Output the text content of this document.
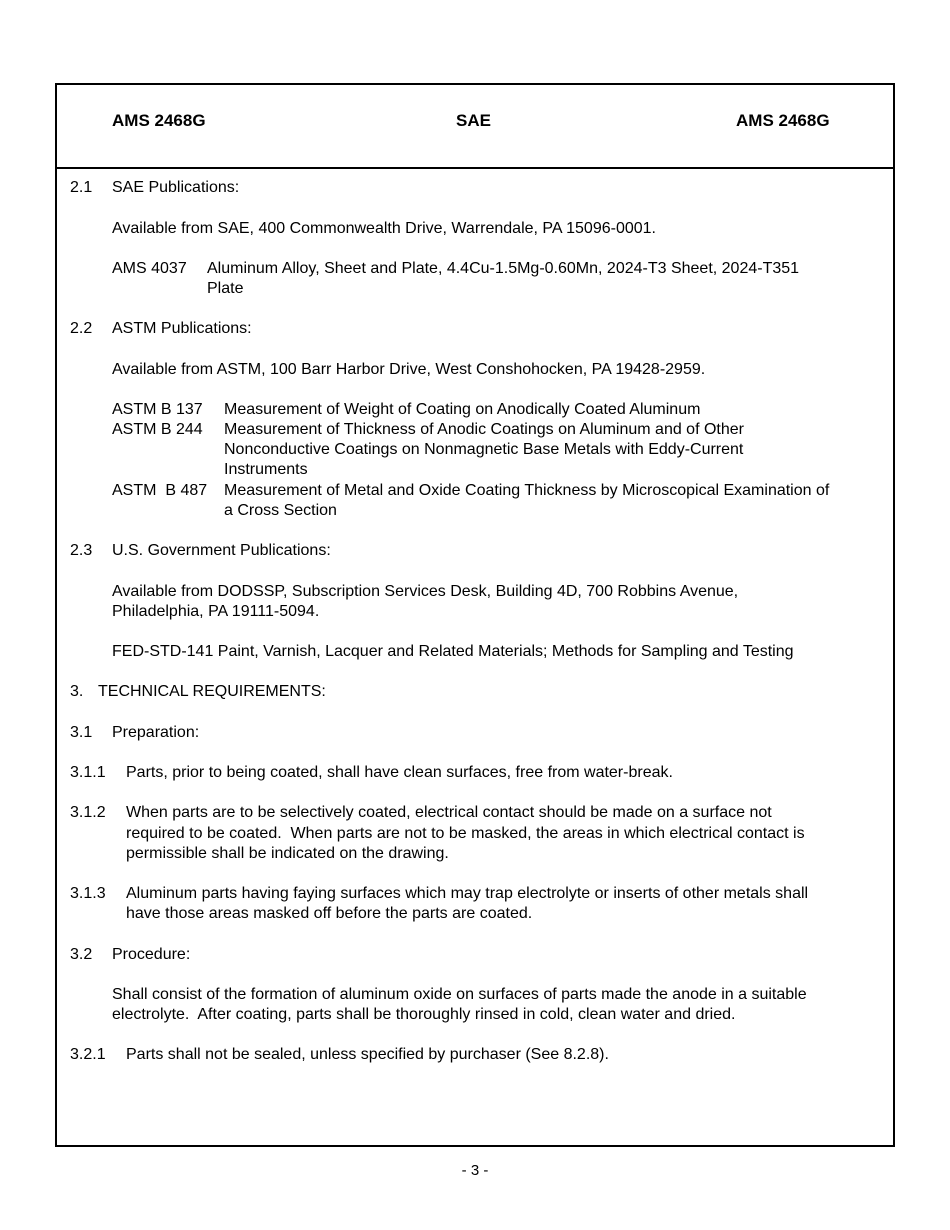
AMS 2468G	SAE	AMS 2468G
2.1 SAE Publications:
Available from SAE, 400 Commonwealth Drive, Warrendale, PA 15096-0001.
AMS 4037 Aluminum Alloy, Sheet and Plate, 4.4Cu-1.5Mg-0.60Mn, 2024-T3 Sheet, 2024-T351
Plate
2.2 ASTM Publications:
Available from ASTM, 100 Barr Harbor Drive, West Conshohocken, PA 19428-2959.
ASTM B 137 Measurement of Weight of Coating on Anodically Coated Aluminum
ASTM B 244 Measurement of Thickness of Anodic Coatings on Aluminum and of Other
Nonconductive Coatings on Nonmagnetic Base Metals with Eddy-Current
Instruments
ASTM  B 487 Measurement of Metal and Oxide Coating Thickness by Microscopical Examination of
a Cross Section
2.3 U.S. Government Publications:
Available from DODSSP, Subscription Services Desk, Building 4D, 700 Robbins Avenue,
Philadelphia, PA 19111-5094.
FED-STD-141 Paint, Varnish, Lacquer and Related Materials; Methods for Sampling and Testing
3. TECHNICAL REQUIREMENTS:
3.1 Preparation:
3.1.1 Parts, prior to being coated, shall have clean surfaces, free from water-break.
3.1.2 When parts are to be selectively coated, electrical contact should be made on a surface not
required to be coated.  When parts are not to be masked, the areas in which electrical contact is
permissible shall be indicated on the drawing.
3.1.3 Aluminum parts having faying surfaces which may trap electrolyte or inserts of other metals shall
have those areas masked off before the parts are coated.
3.2 Procedure:
Shall consist of the formation of aluminum oxide on surfaces of parts made the anode in a suitable
electrolyte.  After coating, parts shall be thoroughly rinsed in cold, clean water and dried.
3.2.1 Parts shall not be sealed, unless specified by purchaser (See 8.2.8).
- 3 -
